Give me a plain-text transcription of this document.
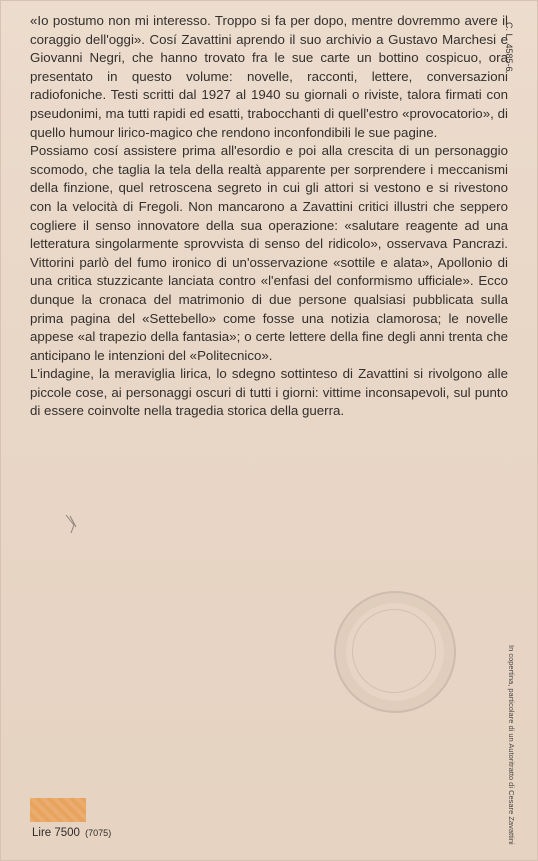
«Io postumo non mi interesso. Troppo si fa per dopo, mentre dovremmo avere il coraggio dell'oggi». Cosí Zavattini aprendo il suo archivio a Gustavo Marchesi e Giovanni Negri, che hanno trovato fra le sue carte un bottino cospicuo, ora presentato in questo volume: novelle, racconti, lettere, conversazioni radiofoniche. Testi scritti dal 1927 al 1940 su giornali o riviste, talora firmati con pseudonimi, ma tutti rapidi ed esatti, trabocchanti di quell'estro «provocatorio», di quello humour lirico-magico che rendono inconfondibili le sue pagine.

Possiamo cosí assistere prima all'esordio e poi alla crescita di un personaggio scomodo, che taglia la tela della realtà apparente per sorprendere i meccanismi della finzione, quel retroscena segreto in cui gli attori si vestono e si rivestono con la velocità di Fregoli. Non mancarono a Zavattini critici illustri che seppero cogliere il senso innovatore della sua operazione: «salutare reagente ad una letteratura singolarmente sprovvista di senso del ridicolo», osservava Pancrazi. Vittorini parlò del fumo ironico di un'osservazione «sottile e alata», Apollonio di una critica stuzzicante lanciata contro «l'enfasi del conformismo ufficiale». Ecco dunque la cronaca del matrimonio di due persone qualsiasi pubblicata sulla prima pagina del «Settebello» come fosse una notizia clamorosa; le novelle appese «al trapezio della fantasia»; o certe lettere della fine degli anni trenta che anticipano le intenzioni del «Politecnico».

L'indagine, la meraviglia lirica, lo sdegno sottinteso di Zavattini si rivolgono alle piccole cose, ai personaggi oscuri di tutti i giorni: vittime inconsapevoli, sul punto di essere coinvolte nella tragedia storica della guerra.

C. L. 4585-6
In copertina, particolare di un Autoritratto di Cesare Zavattini
Lire 7500 (7075)
